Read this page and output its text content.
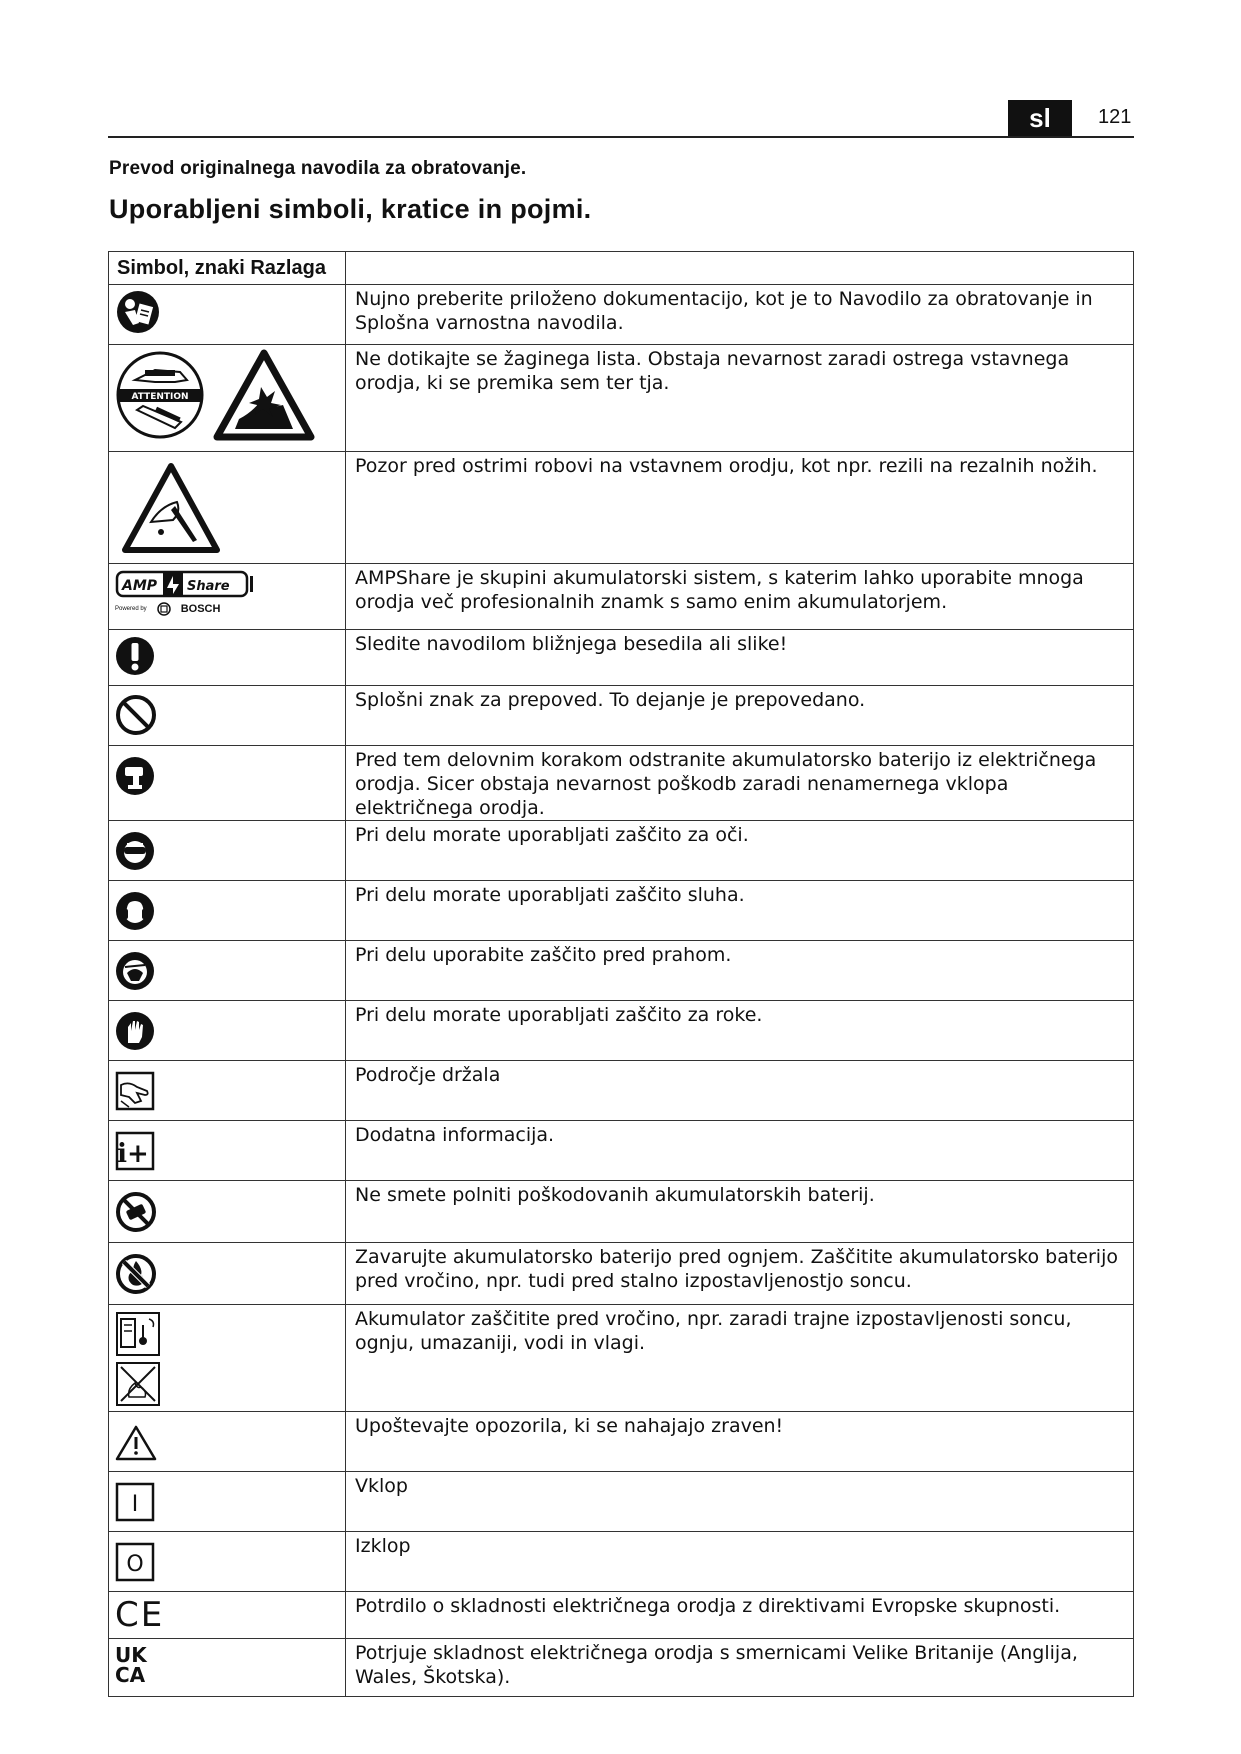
sl	121
Prevod originalnega navodila za obratovanje.
Uporabljeni simboli, kratice in pojmi.
Simbol, znaki Razlaga	
	Nujno preberite priloženo dokumentacijo, kot je to Navodilo za obratovanje in Splošna varnostna navodila.

ATTENTION	Ne dotikajte se žaginega lista. Obstaja nevarnost zaradi ostrega vstavnega orodja, ki se premika sem ter tja.
	Pozor pred ostrimi robovi na vstavnem orodju, kot npr. rezili na rezalnih nožih.

AMP Share
Powered by BOSCH	AMPShare je skupini akumulatorski sistem, s katerim lahko uporabite mnoga orodja več profesionalnih znamk s samo enim akumulatorjem.
	Sledite navodilom bližnjega besedila ali slike!
	Splošni znak za prepoved. To dejanje je prepovedano.
	Pred tem delovnim korakom odstranite akumulatorsko baterijo iz električnega orodja. Sicer obstaja nevarnost poškodb zaradi nenamernega vklopa električnega orodja.
	Pri delu morate uporabljati zaščito za oči.
	Pri delu morate uporabljati zaščito sluha.
	Pri delu uporabite zaščito pred prahom.
	Pri delu morate uporabljati zaščito za roke.
	Področje držala

i+	Dodatna informacija.
	Ne smete polniti poškodovanih akumulatorskih baterij.
	Zavarujte akumulatorsko baterijo pred ognjem. Zaščitite akumulatorsko baterijo pred vročino, npr. tudi pred stalno izpostavljenostjo soncu.

	Akumulator zaščitite pred vročino, npr. zaradi trajne izpostavljenosti soncu, ognju, umazaniji, vodi in vlagi.
	Upoštevajte opozorila, ki se nahajajo zraven!

I	Vklop

O	Izklop

CE	Potrdilo o skladnosti električnega orodja z direktivami Evropske skupnosti.

UK
CA	Potrjuje skladnost električnega orodja s smernicami Velike Britanije (Anglija, Wales, Škotska).
